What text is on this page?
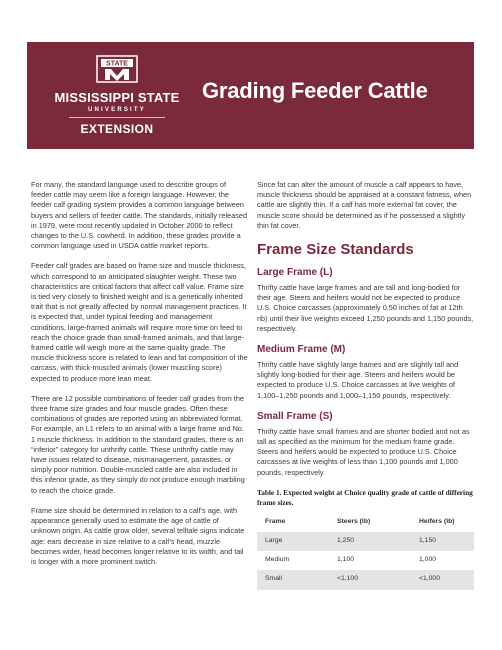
STATE
MISSISSIPPI STATE
UNIVERSITY
EXTENSION
Grading Feeder Cattle

For many, the standard language used to describe groups of feeder cattle may seem like a foreign language. However, the feeder calf grading system provides a common language between buyers and sellers of feeder cattle. The standards, initially released in 1979, were most recently updated in October 2000 to reflect changes to the U.S. cowherd. In addition, these grades provide a common language used in USDA cattle market reports.

Feeder calf grades are based on frame size and muscle thickness, which correspond to an anticipated slaughter weight. These two characteristics are critical factors that affect calf value. Frame size is tied very closely to finished weight and is a genetically inherited trait that is not greatly affected by normal management practices. It is expected that, under typical feeding and management conditions, large-framed animals will require more time on feed to reach the choice grade than small-framed animals, and that large-framed cattle will weigh more at the same quality grade. The muscle thickness score is related to lean and fat composition of the carcass, with thick-muscled animals (lower muscling score) expected to produce more lean meat.

There are 12 possible combinations of feeder calf grades from the three frame size grades and four muscle grades. Often these combinations of grades are reported using an abbreviated format. For example, an L1 refers to an animal with a large frame and No. 1 muscle thickness. In addition to the standard grades, there is an “inferior” category for unthrifty cattle. These unthrifty cattle may have issues related to disease, mismanagement, parasites, or simply poor nutrition. Double-muscled cattle are also included in this inferior grade, as they simply do not produce enough marbling to reach the choice grade.

Frame size should be determined in relation to a calf’s age, with appearance generally used to estimate the age of cattle of unknown origin. As cattle grow older, several telltale signs indicate age: ears decrease in size relative to a calf’s head, muzzle becomes wider, head becomes longer relative to its width, and tail is longer with a more prominent switch.

Since fat can alter the amount of muscle a calf appears to have, muscle thickness should be appraised at a constant fatness, when cattle are slightly thin. If a calf has more external fat cover, the muscle score should be determined as if he possessed a slightly thin fat cover.

Frame Size Standards
Large Frame (L)

Thrifty cattle have large frames and are tall and long-bodied for their age. Steers and heifers would not be expected to produce U.S. Choice carcasses (approximately 0.50 inches of fat at 12th rib) until their live weights exceed 1,250 pounds and 1,150 pounds, respectively.

Medium Frame (M)

Thrifty cattle have slightly large frames and are slightly tall and slightly long-bodied for their age. Steers and heifers would be expected to produce U.S. Choice carcasses at live weights of 1,100–1,250 pounds and 1,000–1,150 pounds, respectively.

Small Frame (S)

Thrifty cattle have small frames and are shorter bodied and not as tall as specified as the minimum for the medium frame grade. Steers and heifers would be expected to produce U.S. Choice carcasses at live weights of less than 1,100 pounds and 1,000 pounds, respectively.

Table 1. Expected weight at Choice quality grade of cattle of differing frame sizes.
Frame	Steers (lb)	Heifers (lb)
Large	1,250	1,150
Medium	1,100	1,000
Small	<1,100	<1,000
